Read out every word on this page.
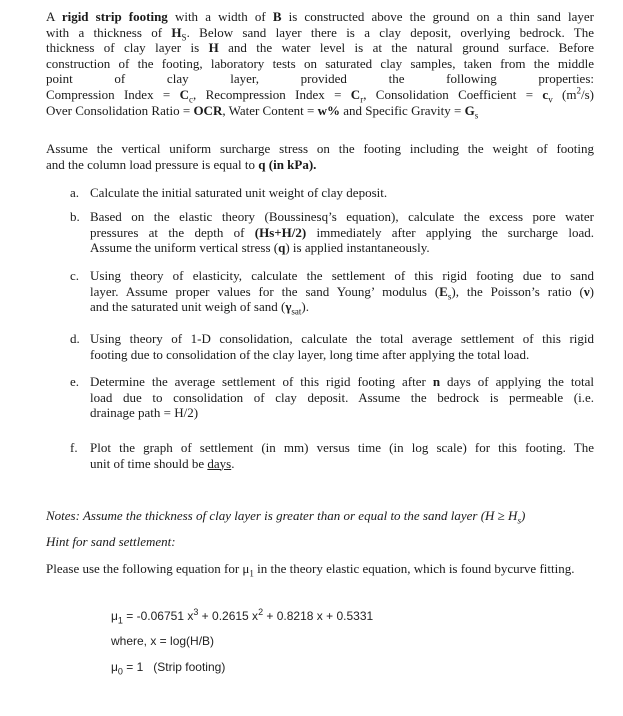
A rigid strip footing with a width of B is constructed above the ground on a thin sand layer
with a thickness of $H_S$. Below sand layer there is a clay deposit, overlying bedrock. The
thickness of clay layer is H and the water level is at the natural ground surface. Before
construction of the footing, laboratory tests on saturated clay samples, taken from the middle
point of clay layer, provided the following properties:
Compression Index = $C_c$, Recompression Index = $C_r$, Consolidation Coefficient = $c_v$ $(m^2/s)$
Over Consolidation Ratio = OCR, Water Content = w% and Specific Gravity = $G_s$
Assume the vertical uniform surcharge stress on the footing including the weight of footing
and the column load pressure is equal to q (in kPa).
a. Calculate the initial saturated unit weight of clay deposit.
b. Based on the elastic theory (Boussinesq’s equation), calculate the excess pore water
pressures at the depth of (Hs+H/2) immediately after applying the surcharge load.
Assume the uniform vertical stress (q) is applied instantaneously.
c. Using theory of elasticity, calculate the settlement of this rigid footing due to sand
layer. Assume proper values for the sand Young’ modulus $(E_s)$, the Poisson’s ratio (ν)
and the saturated unit weigh of sand $(\gamma_{sat})$.
d. Using theory of 1-D consolidation, calculate the total average settlement of this rigid
footing due to consolidation of the clay layer, long time after applying the total load.
e. Determine the average settlement of this rigid footing after n days of applying the total
load due to consolidation of clay deposit. Assume the bedrock is permeable (i.e.
drainage path = H/2)
f. Plot the graph of settlement (in mm) versus time (in log scale) for this footing. The
unit of time should be days.
Notes: Assume the thickness of clay layer is greater than or equal to the sand layer $(H \ge H_s)$
Hint for sand settlement:
Please use the following equation for $\mu_1$ in the theory elastic equation, which is found bycurve fitting.
$\mu_1 = -0.06751$ $x^3 + 0.2615$ $x^2 + 0.8218$ x + 0.5331
where, x = log(H/B)
$\mu_0 = 1$   (Strip footing)
